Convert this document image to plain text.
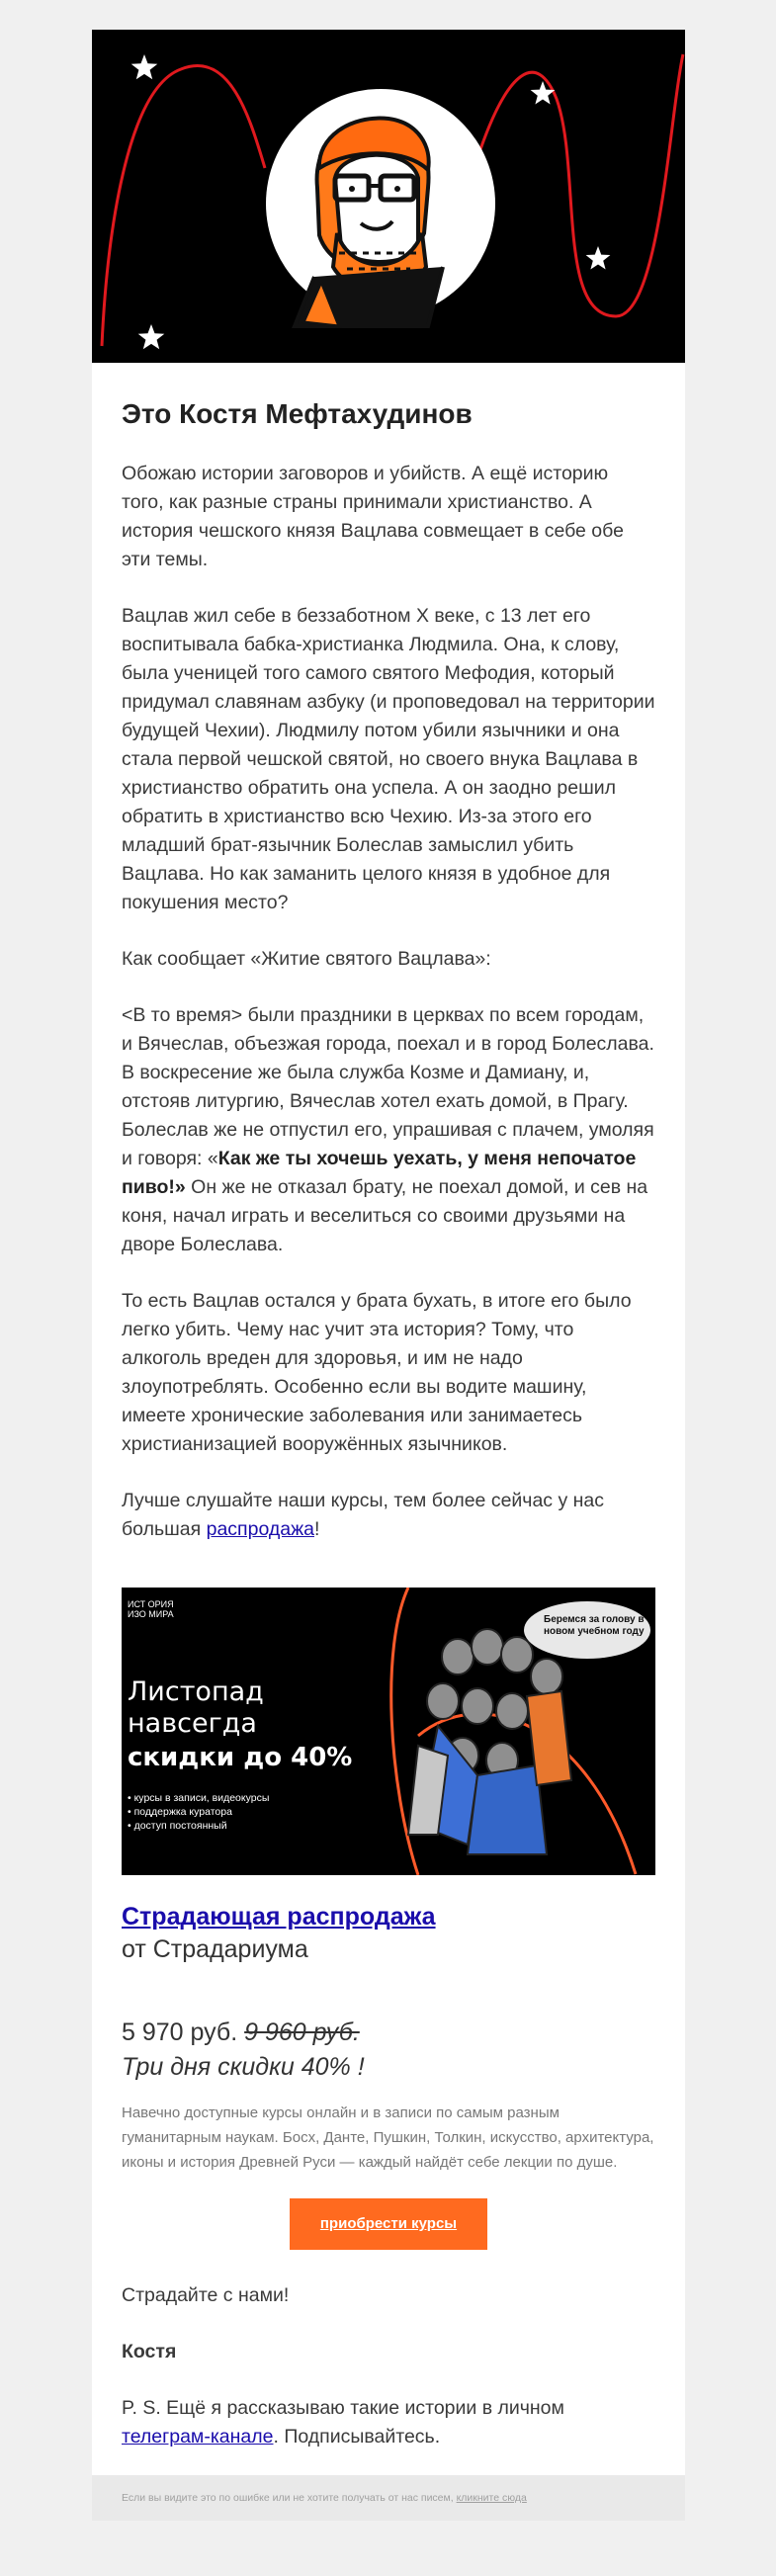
Это Костя Мефтахудинов

Обожаю истории заговоров и убийств. А ещё историю того, как разные страны принимали христианство. А история чешского князя Вацлава совмещает в себе обе эти темы.

Вацлав жил себе в беззаботном X веке, с 13 лет его воспитывала бабка-христианка Людмила. Она, к слову, была ученицей того самого святого Мефодия, который придумал славянам азбуку (и проповедовал на территории будущей Чехии). Людмилу потом убили язычники и она стала первой чешской святой, но своего внука Вацлава в христианство обратить она успела. А он заодно решил обратить в христианство всю Чехию. Из-за этого его младший брат-язычник Болеслав замыслил убить Вацлава. Но как заманить целого князя в удобное для покушения место?

Как сообщает «Житие святого Вацлава»:

<В то время> были праздники в церквах по всем городам, и Вячеслав, объезжая города, поехал и в город Болеслава. В воскресение же была служба Козме и Дамиану, и, отстояв литургию, Вячеслав хотел ехать домой, в Прагу. Болеслав же не отпустил его, упрашивая с плачем, умоляя и говоря: «Как же ты хочешь уехать, у меня непочатое пиво!» Он же не отказал брату, не поехал домой, и сев на коня, начал играть и веселиться со своими друзьями на дворе Болеслава.

То есть Вацлав остался у брата бухать, в итоге его было легко убить. Чему нас учит эта история? Тому, что алкоголь вреден для здоровья, и им не надо злоупотреблять. Особенно если вы водите машину, имеете хронические заболевания или занимаетесь христианизацией вооружённых язычников.

Лучше слушайте наши курсы, тем более сейчас у нас большая распродажа!

ИСТ ОРИЯ ИЗО МИРА	Беремся за голову в новом учебном году
Листопад
навсегда
скидки до 40%
• курсы в записи, видеокурсы
• поддержка куратора
• доступ постоянный
Страдающая распродажа
от Страдариума
5 970 руб. 9 960 руб.
Три дня скидки 40% !
Навечно доступные курсы онлайн и в записи по самым разным гуманитарным наукам. Босх, Данте, Пушкин, Толкин, искусство, архитектура, иконы и история Древней Руси — каждый найдёт себе лекции по душе.
приобрести курсы

Страдайте с нами!

Костя

P. S. Ещё я рассказываю такие истории в личном телеграм-канале. Подписывайтесь.

Если вы видите это по ошибке или не хотите получать от нас писем, кликните сюда
